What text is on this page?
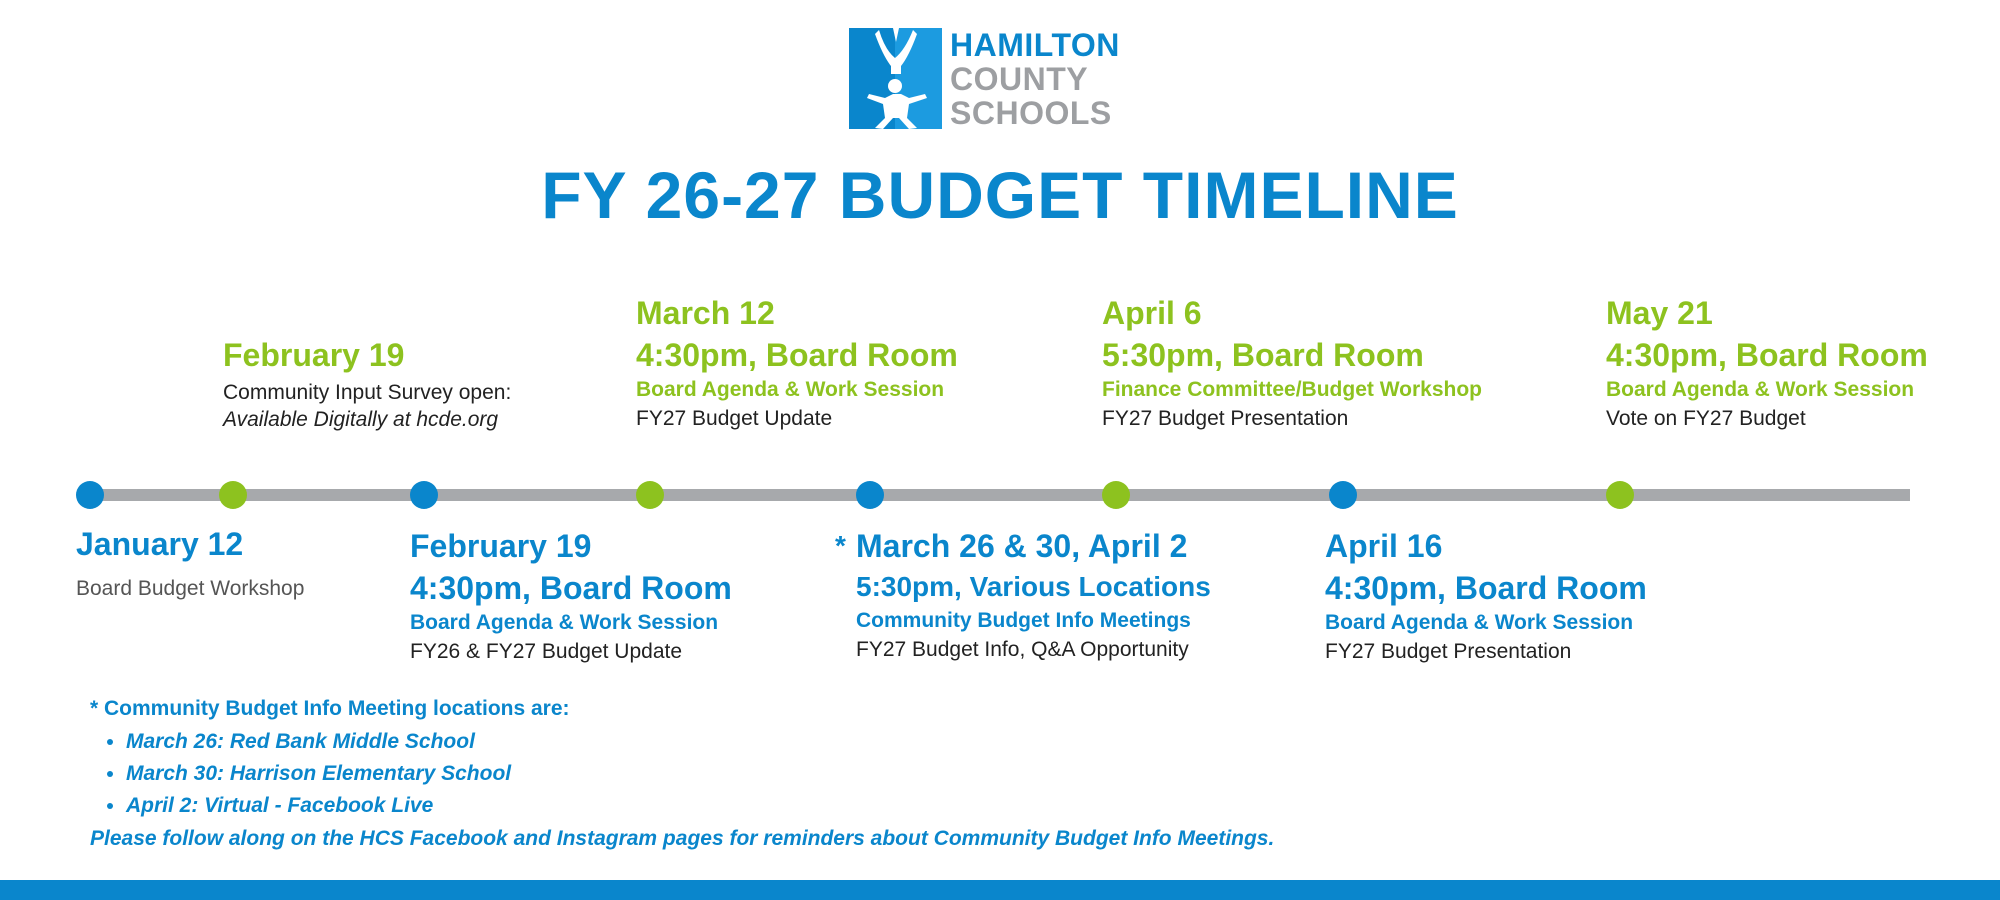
HAMILTON
COUNTY
SCHOOLS
FY 26-27 BUDGET TIMELINE
February 19
Community Input Survey open:
Available Digitally at hcde.org
March 12
4:30pm, Board Room
Board Agenda & Work Session
FY27 Budget Update
April 6
5:30pm, Board Room
Finance Committee/Budget Workshop
FY27 Budget Presentation
May 21
4:30pm, Board Room
Board Agenda & Work Session
Vote on FY27 Budget
January 12
Board Budget Workshop
February 19
4:30pm, Board Room
Board Agenda & Work Session
FY26 & FY27 Budget Update
* March 26 & 30, April 2
5:30pm, Various Locations
Community Budget Info Meetings
FY27 Budget Info, Q&A Opportunity
April 16
4:30pm, Board Room
Board Agenda & Work Session
FY27 Budget Presentation
* Community Budget Info Meeting locations are:
• March 26: Red Bank Middle School
• March 30: Harrison Elementary School
• April 2: Virtual - Facebook Live
Please follow along on the HCS Facebook and Instagram pages for reminders about Community Budget Info Meetings.
